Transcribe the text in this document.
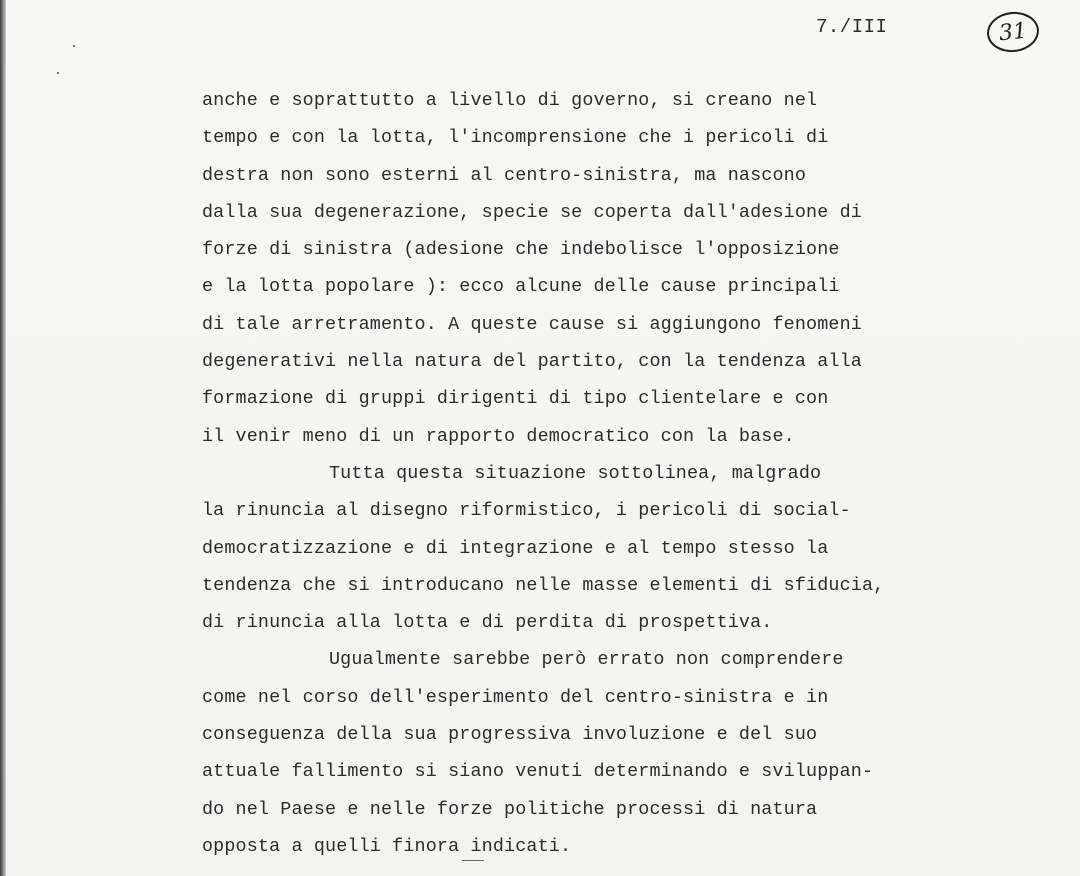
7./III	31
anche e soprattutto a livello di governo, si creano nel
tempo e con la lotta, l'incomprensione che i pericoli di
destra non sono esterni al centro-sinistra, ma nascono
dalla sua degenerazione, specie se coperta dall'adesione di
forze di sinistra (adesione che indebolisce l'opposizione
e la lotta popolare ): ecco alcune delle cause principali
di tale arretramento. A queste cause si aggiungono fenomeni
degenerativi nella natura del partito, con la tendenza alla
formazione di gruppi dirigenti di tipo clientelare e con
il venir meno di un rapporto democratico con la base.
Tutta questa situazione sottolinea, malgrado
la rinuncia al disegno riformistico, i pericoli di social-
democratizzazione e di integrazione e al tempo stesso la
tendenza che si introducano nelle masse elementi di sfiducia,
di rinuncia alla lotta e di perdita di prospettiva.
Ugualmente sarebbe però errato non comprendere
come nel corso dell'esperimento del centro-sinistra e in
conseguenza della sua progressiva involuzione e del suo
attuale fallimento si siano venuti determinando e sviluppan-
do nel Paese e nelle forze politiche processi di natura
opposta a quelli finora indicati.
